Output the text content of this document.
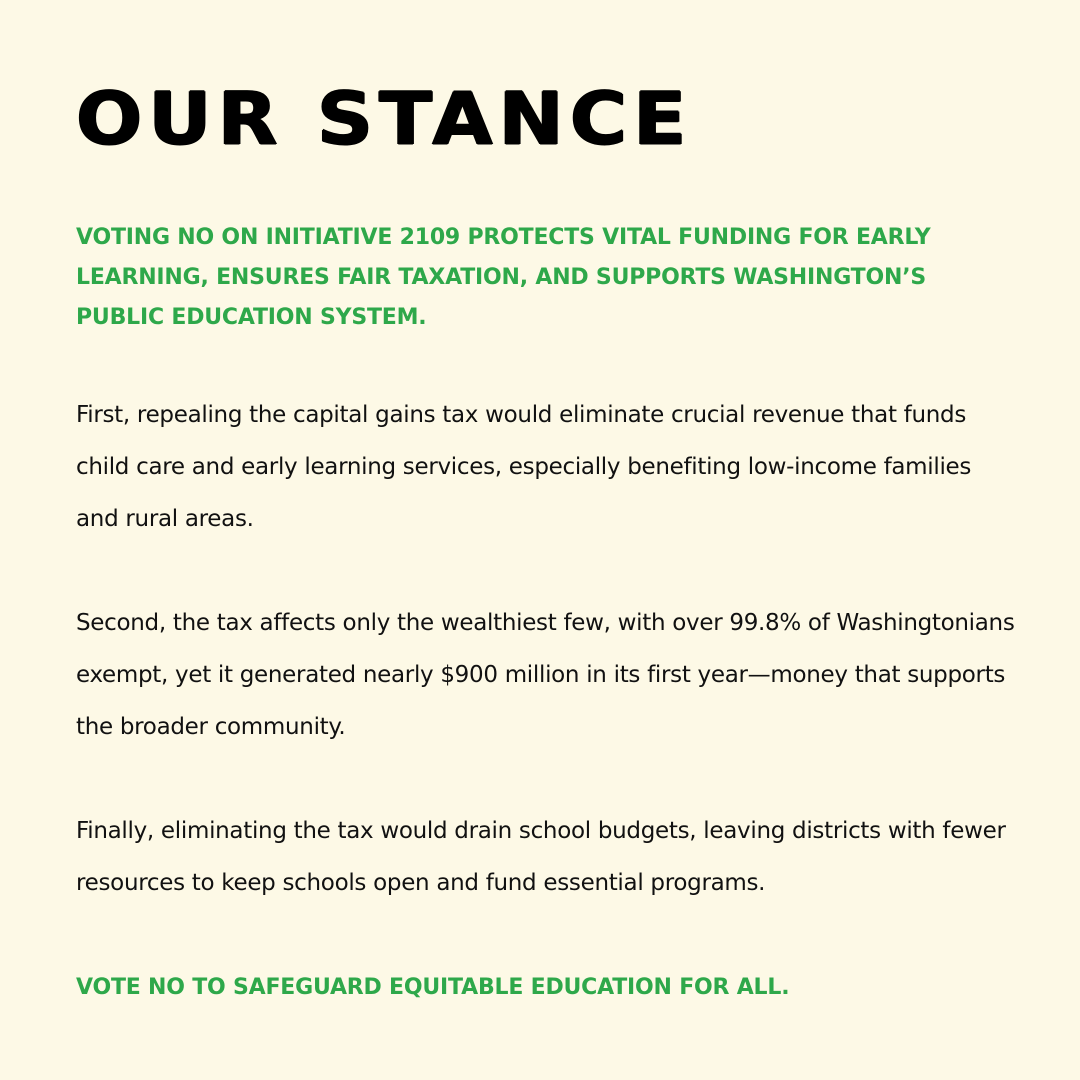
OUR STANCE

VOTING NO ON INITIATIVE 2109 PROTECTS VITAL FUNDING FOR EARLY LEARNING, ENSURES FAIR TAXATION, AND SUPPORTS WASHINGTON’S PUBLIC EDUCATION SYSTEM.

First, repealing the capital gains tax would eliminate crucial revenue that funds child care and early learning services, especially benefiting low-income families and rural areas.

Second, the tax affects only the wealthiest few, with over 99.8% of Washingtonians exempt, yet it generated nearly $900 million in its first year—money that supports the broader community.

Finally, eliminating the tax would drain school budgets, leaving districts with fewer resources to keep schools open and fund essential programs.

VOTE NO TO SAFEGUARD EQUITABLE EDUCATION FOR ALL.
